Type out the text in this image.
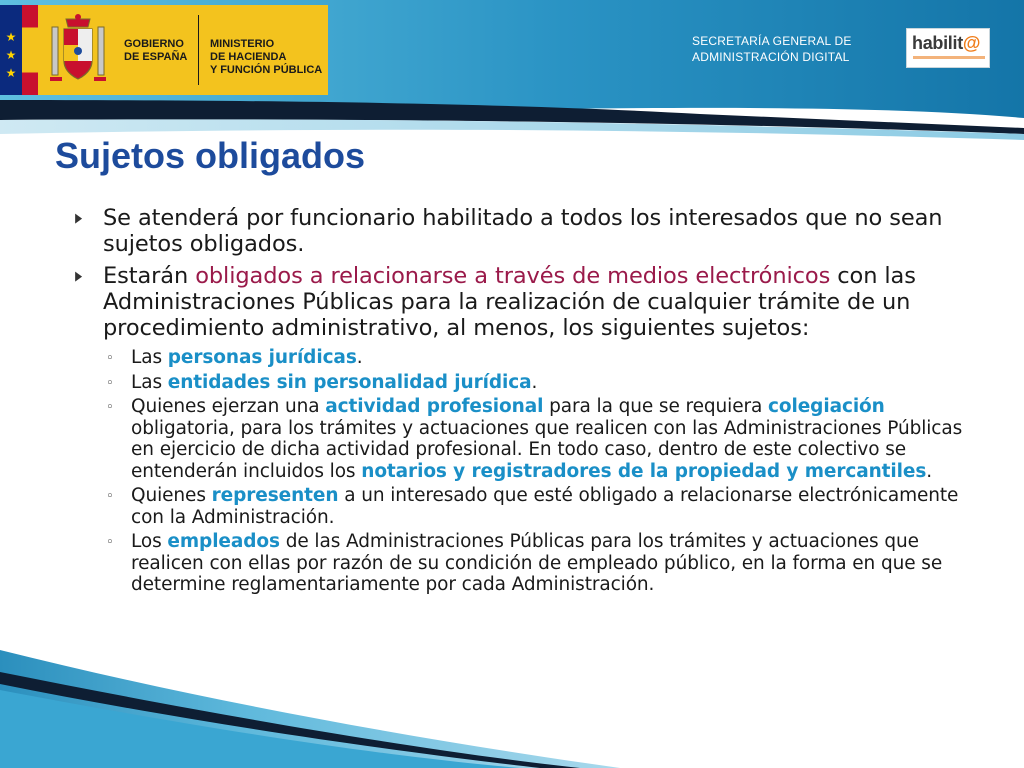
★
★
★
GOBIERNO
DE ESPAÑA
MINISTERIO
DE HACIENDA
Y FUNCIÓN PÚBLICA
SECRETARÍA GENERAL DE
ADMINISTRACIÓN DIGITAL
habilit@
Sujetos obligados
▶ Se atenderá por funcionario habilitado a todos los interesados que no sean sujetos obligados.
▶ Estarán obligados a relacionarse a través de medios electrónicos con las Administraciones Públicas para la realización de cualquier trámite de un procedimiento administrativo, al menos, los siguientes sujetos:
◦ Las personas jurídicas.
◦ Las entidades sin personalidad jurídica.
◦ Quienes ejerzan una actividad profesional para la que se requiera colegiación obligatoria, para los trámites y actuaciones que realicen con las Administraciones Públicas en ejercicio de dicha actividad profesional. En todo caso, dentro de este colectivo se entenderán incluidos los notarios y registradores de la propiedad y mercantiles.
◦ Quienes representen a un interesado que esté obligado a relacionarse electrónicamente con la Administración.
◦ Los empleados de las Administraciones Públicas para los trámites y actuaciones que realicen con ellas por razón de su condición de empleado público, en la forma en que se determine reglamentariamente por cada Administración.
